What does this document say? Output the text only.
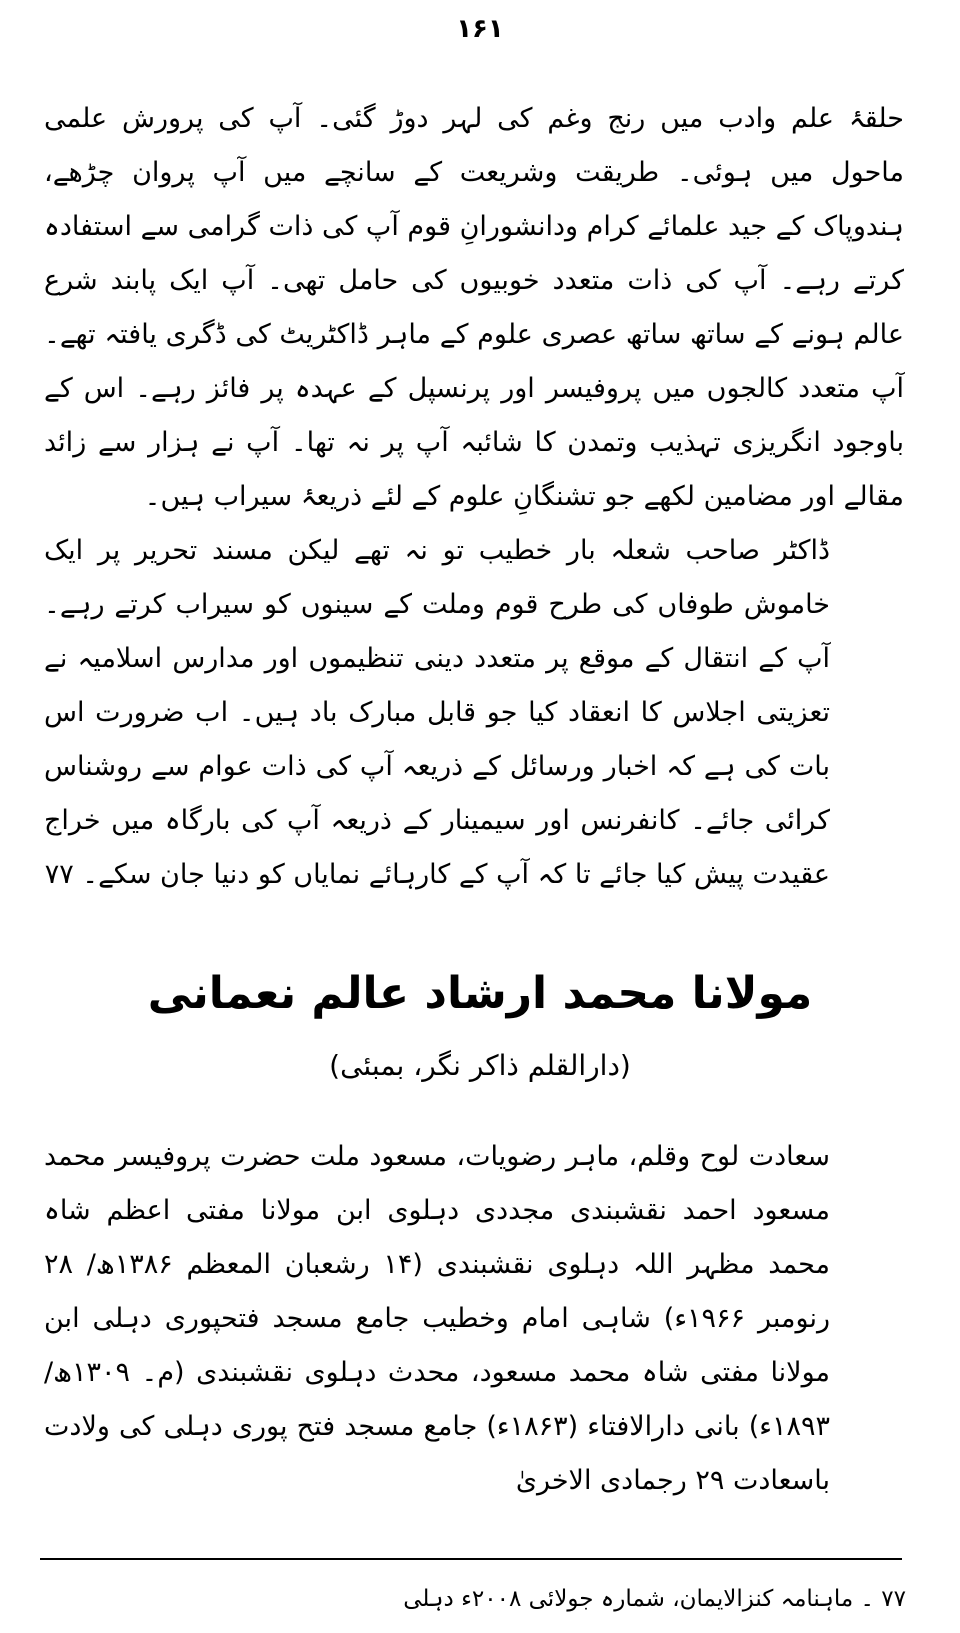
۱۶۱

حلقۂ علم وادب میں رنج وغم کی لہر دوڑ گئی۔ آپ کی پرورش علمی ماحول میں ہوئی۔ طریقت وشریعت کے سانچے میں آپ پروان چڑھے، ہندوپاک کے جید علمائے کرام ودانشورانِ قوم آپ کی ذات گرامی سے استفادہ کرتے رہے۔ آپ کی ذات متعدد خوبیوں کی حامل تھی۔ آپ ایک پابند شرع عالم ہونے کے ساتھ ساتھ عصری علوم کے ماہر ڈاکٹریٹ کی ڈگری یافتہ تھے۔ آپ متعدد کالجوں میں پروفیسر اور پرنسپل کے عہدہ پر فائز رہے۔ اس کے باوجود انگریزی تہذیب وتمدن کا شائبہ آپ پر نہ تھا۔ آپ نے ہزار سے زائد مقالے اور مضامین لکھے جو تشنگانِ علوم کے لئے ذریعۂ سیراب ہیں۔

ڈاکٹر صاحب شعلہ بار خطیب تو نہ تھے لیکن مسند تحریر پر ایک خاموش طوفاں کی طرح قوم وملت کے سینوں کو سیراب کرتے رہے۔ آپ کے انتقال کے موقع پر متعدد دینی تنظیموں اور مدارس اسلامیہ نے تعزیتی اجلاس کا انعقاد کیا جو قابل مبارک باد ہیں۔ اب ضرورت اس بات کی ہے کہ اخبار ورسائل کے ذریعہ آپ کی ذات عوام سے روشناس کرائی جائے۔ کانفرنس اور سیمینار کے ذریعہ آپ کی بارگاہ میں خراج عقیدت پیش کیا جائے تا کہ آپ کے کارہائے نمایاں کو دنیا جان سکے۔ ۷۷

مولانا محمد ارشاد عالم نعمانی
(دارالقلم ذاکر نگر، بمبئی)

سعادت لوح وقلم، ماہر رضویات، مسعود ملت حضرت پروفیسر محمد مسعود احمد نقشبندی مجددی دہلوی ابن مولانا مفتی اعظم شاہ محمد مظہر اللہ دہلوی نقشبندی (۱۴ رشعبان المعظم ۱۳۸۶ھ/ ۲۸ رنومبر ۱۹۶۶ء) شاہی امام وخطیب جامع مسجد فتحپوری دہلی ابن مولانا مفتی شاہ محمد مسعود، محدث دہلوی نقشبندی (م۔ ۱۳۰۹ھ/ ۱۸۹۳ء) بانی دارالافتاء (۱۸۶۳ء) جامع مسجد فتح پوری دہلی کی ولادت باسعادت ۲۹ رجمادی الاخریٰ

۷۷ ۔ ماہنامہ کنزالایمان، شمارہ جولائی ۲۰۰۸ء دہلی
